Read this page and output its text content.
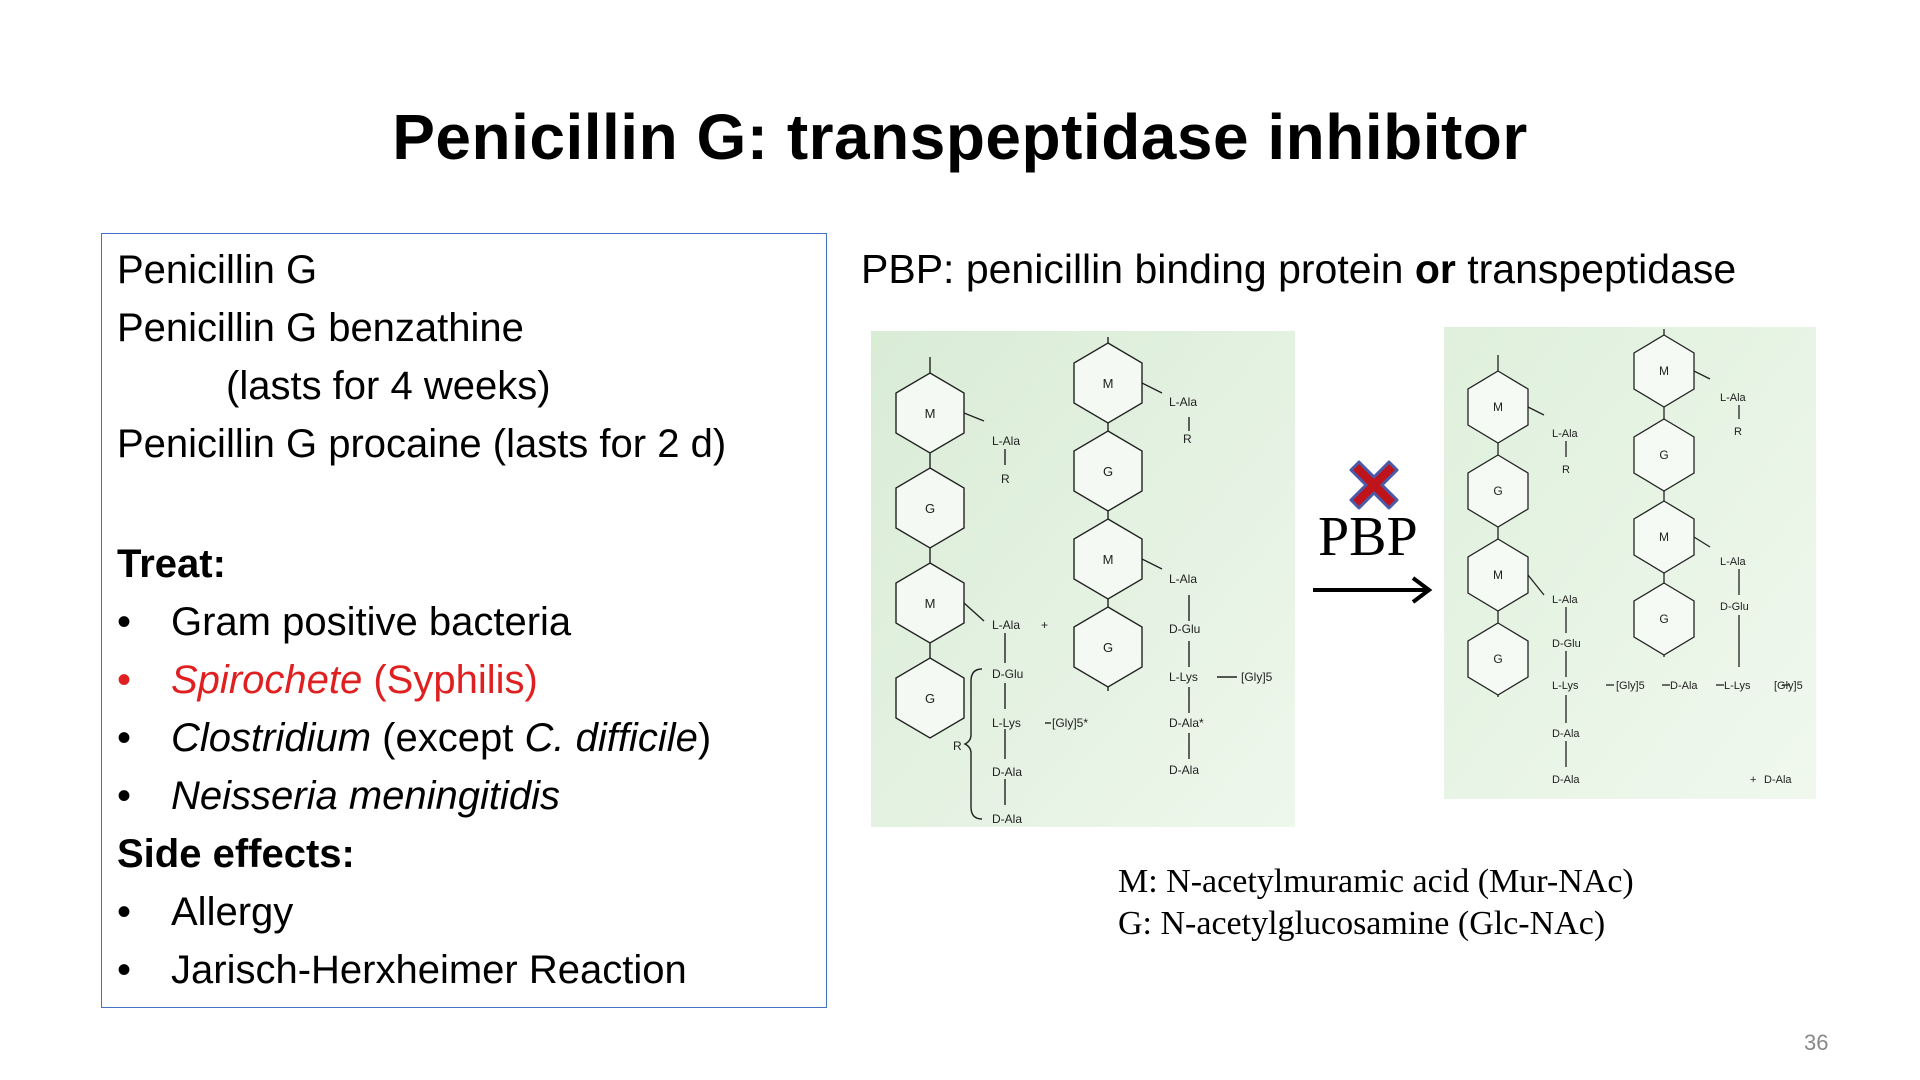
Penicillin G: transpeptidase inhibitor
Penicillin G
Penicillin G benzathine
(lasts for 4 weeks)
Penicillin G procaine (lasts for 2 d)
Treat:
• Gram positive bacteria
• Spirochete (Syphilis)
• Clostridium (except C. difficile)
• Neisseria meningitidis
Side effects:
• Allergy
• Jarisch-Herxheimer Reaction
PBP: penicillin binding protein or transpeptidase
M
G
M
G
M
G
M
G
L-Ala
R
L-Ala +
D-Glu
L-Lys	[Gly]5*
R
D-Ala
D-Ala
L-Ala
R
L-Ala
D-Glu
L-Lys	[Gly]5
D-Ala*
D-Ala
PBP
M
G
M
G
M
G
M
G
L-Ala
R
L-Ala
D-Glu
L-Lys	[Gly]5 D-Ala L-Lys [Gly]5
D-Ala
D-Ala	+ D-Ala
L-Ala
R
L-Ala
D-Glu
M: N-acetylmuramic acid (Mur-NAc)
G: N-acetylglucosamine (Glc-NAc)
36
